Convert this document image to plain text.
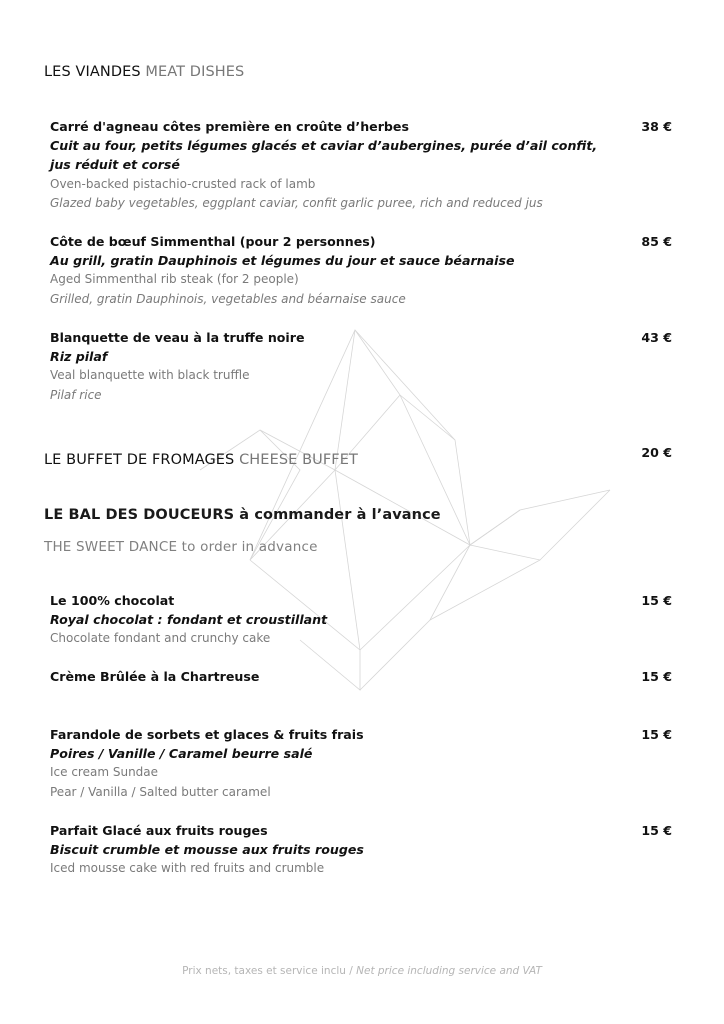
LES VIANDES MEAT DISHES
Carré d'agneau côtes première en croûte d’herbes
Cuit au four, petits légumes glacés et caviar d’aubergines, purée d’ail confit,
jus réduit et corsé
Oven-backed pistachio-crusted rack of lamb
Glazed baby vegetables, eggplant caviar, confit garlic puree, rich and reduced jus
38 €
Côte de bœuf Simmenthal (pour 2 personnes)
Au grill, gratin Dauphinois et légumes du jour et sauce béarnaise
Aged Simmenthal rib steak (for 2 people)
Grilled, gratin Dauphinois, vegetables and béarnaise sauce
85 €
Blanquette de veau à la truffe noire
Riz pilaf
Veal blanquette with black truffle
Pilaf rice
43 €
LE BUFFET DE FROMAGES CHEESE BUFFET	20 €
LE BAL DES DOUCEURS à commander à l’avance

THE SWEET DANCE to order in advance

Le 100% chocolat
Royal chocolat : fondant et croustillant
Chocolate fondant and crunchy cake
15 €
Crème Brûlée à la Chartreuse	15 €
Farandole de sorbets et glaces & fruits frais
Poires / Vanille / Caramel beurre salé
Ice cream Sundae
Pear / Vanilla / Salted butter caramel
15 €
Parfait Glacé aux fruits rouges
Biscuit crumble et mousse aux fruits rouges
Iced mousse cake with red fruits and crumble
15 €
Prix nets, taxes et service inclu / Net price including service and VAT
